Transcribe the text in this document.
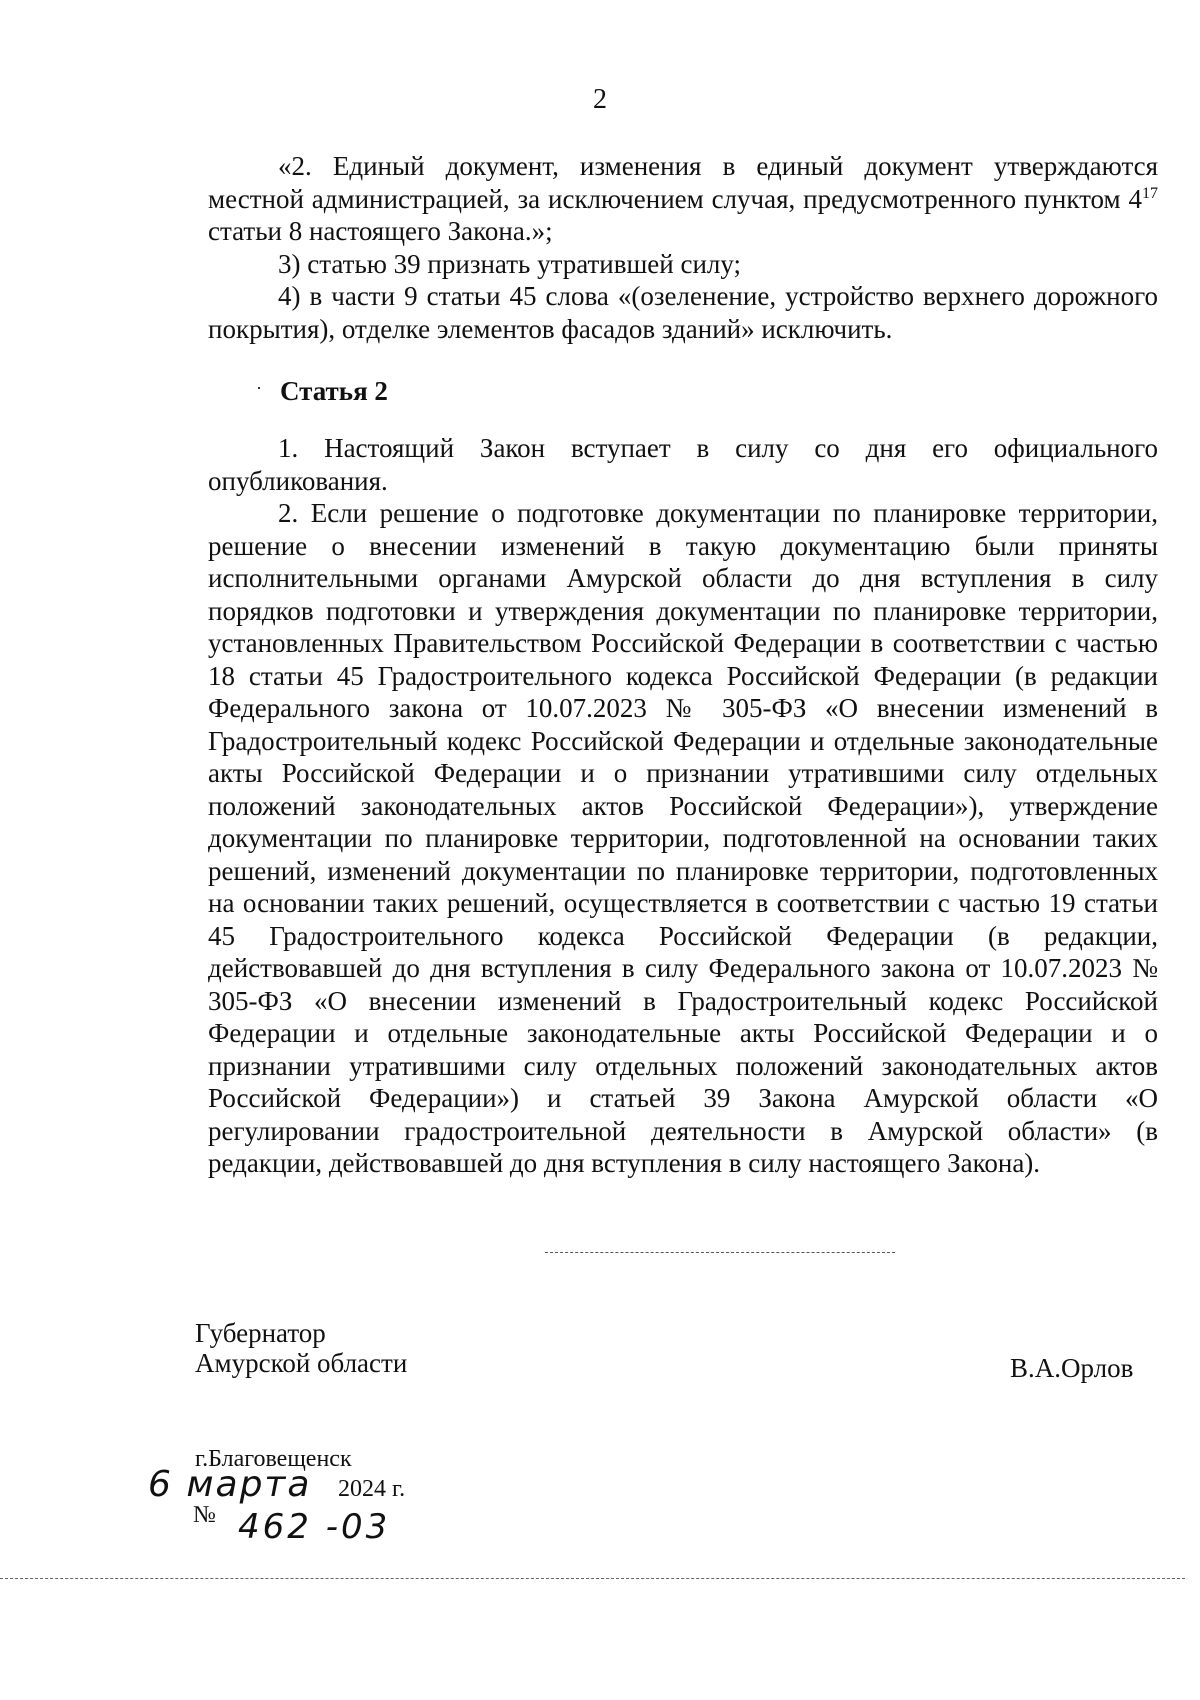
2

«2. Единый документ, изменения в единый документ утверждаются местной администрацией, за исключением случая, предусмотренного пунктом $4^{17}$ статьи 8 настоящего Закона.»;

3) статью 39 признать утратившей силу;

4) в части 9 статьи 45 слова «(озеленение, устройство верхнего дорожного покрытия), отделке элементов фасадов зданий» исключить.

· Статья 2

1. Настоящий Закон вступает в силу со дня его официального опубликования.

2. Если решение о подготовке документации по планировке территории, решение о внесении изменений в такую документацию были приняты исполнительными органами Амурской области до дня вступления в силу порядков подготовки и утверждения документации по планировке территории, установленных Правительством Российской Федерации в соответствии с частью 18 статьи 45 Градостроительного кодекса Российской Федерации (в редакции Федерального закона от 10.07.2023 № 305-ФЗ «О внесении изменений в Градостроительный кодекс Российской Федерации и отдельные законодательные акты Российской Федерации и о признании утратившими силу отдельных положений законодательных актов Российской Федерации»), утверждение документации по планировке территории, подготовленной на основании таких решений, изменений документации по планировке территории, подготовленных на основании таких решений, осуществляется в соответствии с частью 19 статьи 45 Градостроительного кодекса Российской Федерации (в редакции, действовавшей до дня вступления в силу Федерального закона от 10.07.2023 № 305-ФЗ «О внесении изменений в Градостроительный кодекс Российской Федерации и отдельные законодательные акты Российской Федерации и о признании утратившими силу отдельных положений законодательных актов Российской Федерации») и статьей 39 Закона Амурской области «О регулировании градостроительной деятельности в Амурской области» (в редакции, действовавшей до дня вступления в силу настоящего Закона).

Губернатор
Амурской области	В.А.Орлов
г.Благовещенск
6 марта 2024 г.
№ 462 -03
